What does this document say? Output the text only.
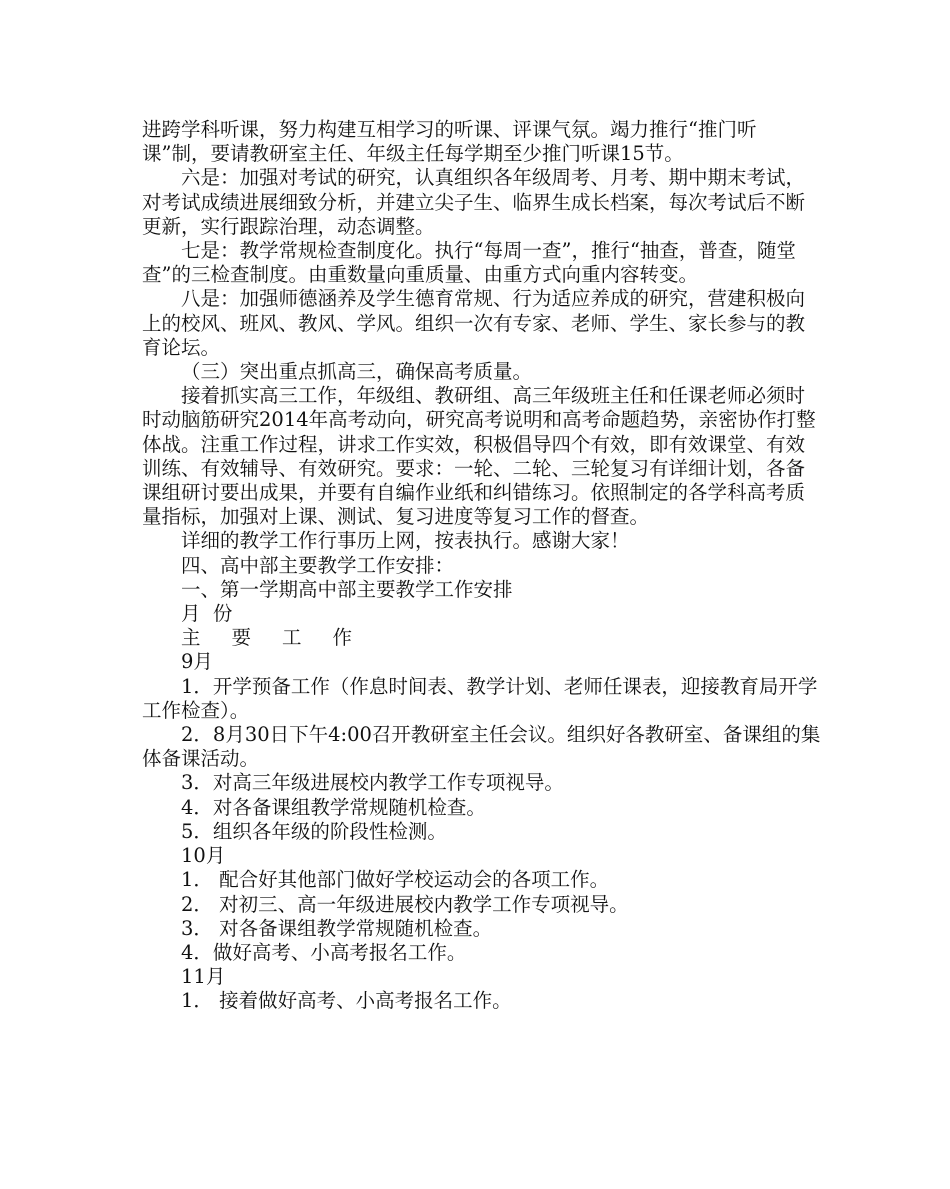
进跨学科听课，努力构建互相学习的听课、评课气氛。竭力推行“推门听课”制，要请教研室主任、年级主任每学期至少推门听课15节。

六是：加强对考试的研究，认真组织各年级周考、月考、期中期末考试，对考试成绩进展细致分析，并建立尖子生、临界生成长档案，每次考试后不断更新，实行跟踪治理，动态调整。

七是：教学常规检查制度化。执行“每周一查”，推行“抽查，普查，随堂查”的三检查制度。由重数量向重质量、由重方式向重内容转变。

八是：加强师德涵养及学生德育常规、行为适应养成的研究，营建积极向上的校风、班风、教风、学风。组织一次有专家、老师、学生、家长参与的教育论坛。

（三）突出重点抓高三，确保高考质量。

接着抓实高三工作，年级组、教研组、高三年级班主任和任课老师必须时时动脑筋研究2014年高考动向，研究高考说明和高考命题趋势，亲密协作打整体战。注重工作过程，讲求工作实效，积极倡导四个有效，即有效课堂、有效训练、有效辅导、有效研究。要求：一轮、二轮、三轮复习有详细计划，各备课组研讨要出成果，并要有自编作业纸和纠错练习。依照制定的各学科高考质量指标，加强对上课、测试、复习进度等复习工作的督查。

详细的教学工作行事历上网，按表执行。感谢大家！

四、高中部主要教学工作安排：

一、第一学期高中部主要教学工作安排

月  份

主     要     工     作

9月

1．开学预备工作（作息时间表、教学计划、老师任课表，迎接教育局开学工作检查）。

2．8月30日下午4:00召开教研室主任会议。组织好各教研室、备课组的集体备课活动。

3．对高三年级进展校内教学工作专项视导。

4．对各备课组教学常规随机检查。

5．组织各年级的阶段性检测。

10月

1． 配合好其他部门做好学校运动会的各项工作。

2． 对初三、高一年级进展校内教学工作专项视导。

3． 对各备课组教学常规随机检查。

4．做好高考、小高考报名工作。

11月

1． 接着做好高考、小高考报名工作。
